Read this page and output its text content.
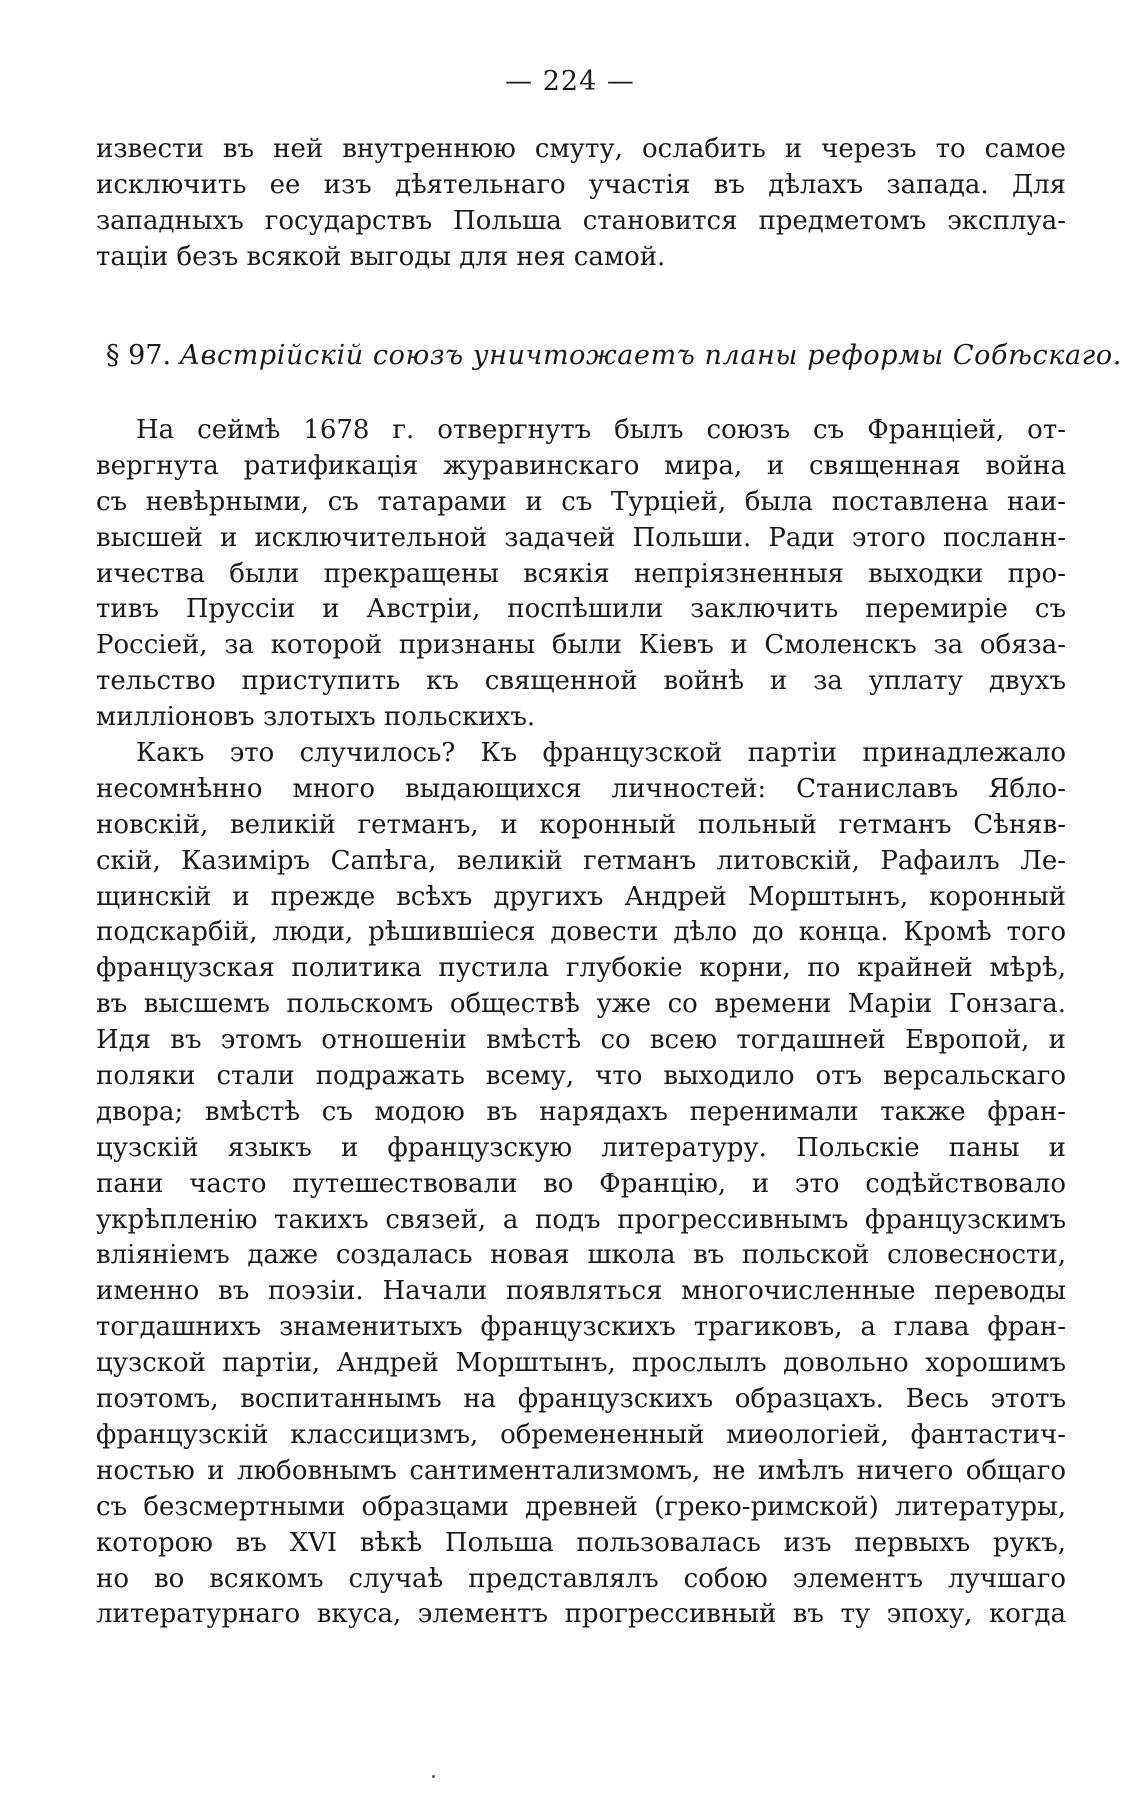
— 224 —
извести въ ней внутреннюю смуту, ослабить и черезъ то самое
исключить ее изъ дѣятельнаго участія въ дѣлахъ запада. Для
западныхъ государствъ Польша становится предметомъ эксплуа-
таціи безъ всякой выгоды для нея самой.
§ 97. Австрійскій союзъ уничтожаетъ планы реформы Собѣскаго.
На сеймѣ 1678 г. отвергнутъ былъ союзъ съ Франціей, от-
вергнута ратификація журавинскаго мира, и священная война
съ невѣрными, съ татарами и съ Турціей, была поставлена наи-
высшей и исключительной задачей Польши. Ради этого посланн-
ичества были прекращены всякія непріязненныя выходки про-
тивъ Пруссіи и Австріи, поспѣшили заключить перемиріе съ
Россіей, за которой признаны были Кіевъ и Смоленскъ за обяза-
тельство приступить къ священной войнѣ и за уплату двухъ
милліоновъ злотыхъ польскихъ.
Какъ это случилось? Къ французской партіи принадлежало
несомнѣнно много выдающихся личностей: Станиславъ Ябло-
новскій, великій гетманъ, и коронный польный гетманъ Сѣняв-
скій, Казиміръ Сапѣга, великій гетманъ литовскій, Рафаилъ Ле-
щинскій и прежде всѣхъ другихъ Андрей Морштынъ, коронный
подскарбій, люди, рѣшившіеся довести дѣло до конца. Кромѣ того
французская политика пустила глубокіе корни, по крайней мѣрѣ,
въ высшемъ польскомъ обществѣ уже со времени Маріи Гонзага.
Идя въ этомъ отношеніи вмѣстѣ со всею тогдашней Европой, и
поляки стали подражать всему, что выходило отъ версальскаго
двора; вмѣстѣ съ модою въ нарядахъ перенимали также фран-
цузскій языкъ и французскую литературу. Польскіе паны и
пани часто путешествовали во Францію, и это содѣйствовало
укрѣпленію такихъ связей, а подъ прогрессивнымъ французскимъ
вліяніемъ даже создалась новая школа въ польской словесности,
именно въ поэзіи. Начали появляться многочисленные переводы
тогдашнихъ знаменитыхъ французскихъ трагиковъ, а глава фран-
цузской партіи, Андрей Морштынъ, прослылъ довольно хорошимъ
поэтомъ, воспитаннымъ на французскихъ образцахъ. Весь этотъ
французскій классицизмъ, обремененный миѳологіей, фантастич-
ностью и любовнымъ сантиментализмомъ, не имѣлъ ничего общаго
съ безсмертными образцами древней (греко-римской) литературы,
которою въ XVI вѣкѣ Польша пользовалась изъ первыхъ рукъ,
но во всякомъ случаѣ представлялъ собою элементъ лучшаго
литературнаго вкуса, элементъ прогрессивный въ ту эпоху, когда
